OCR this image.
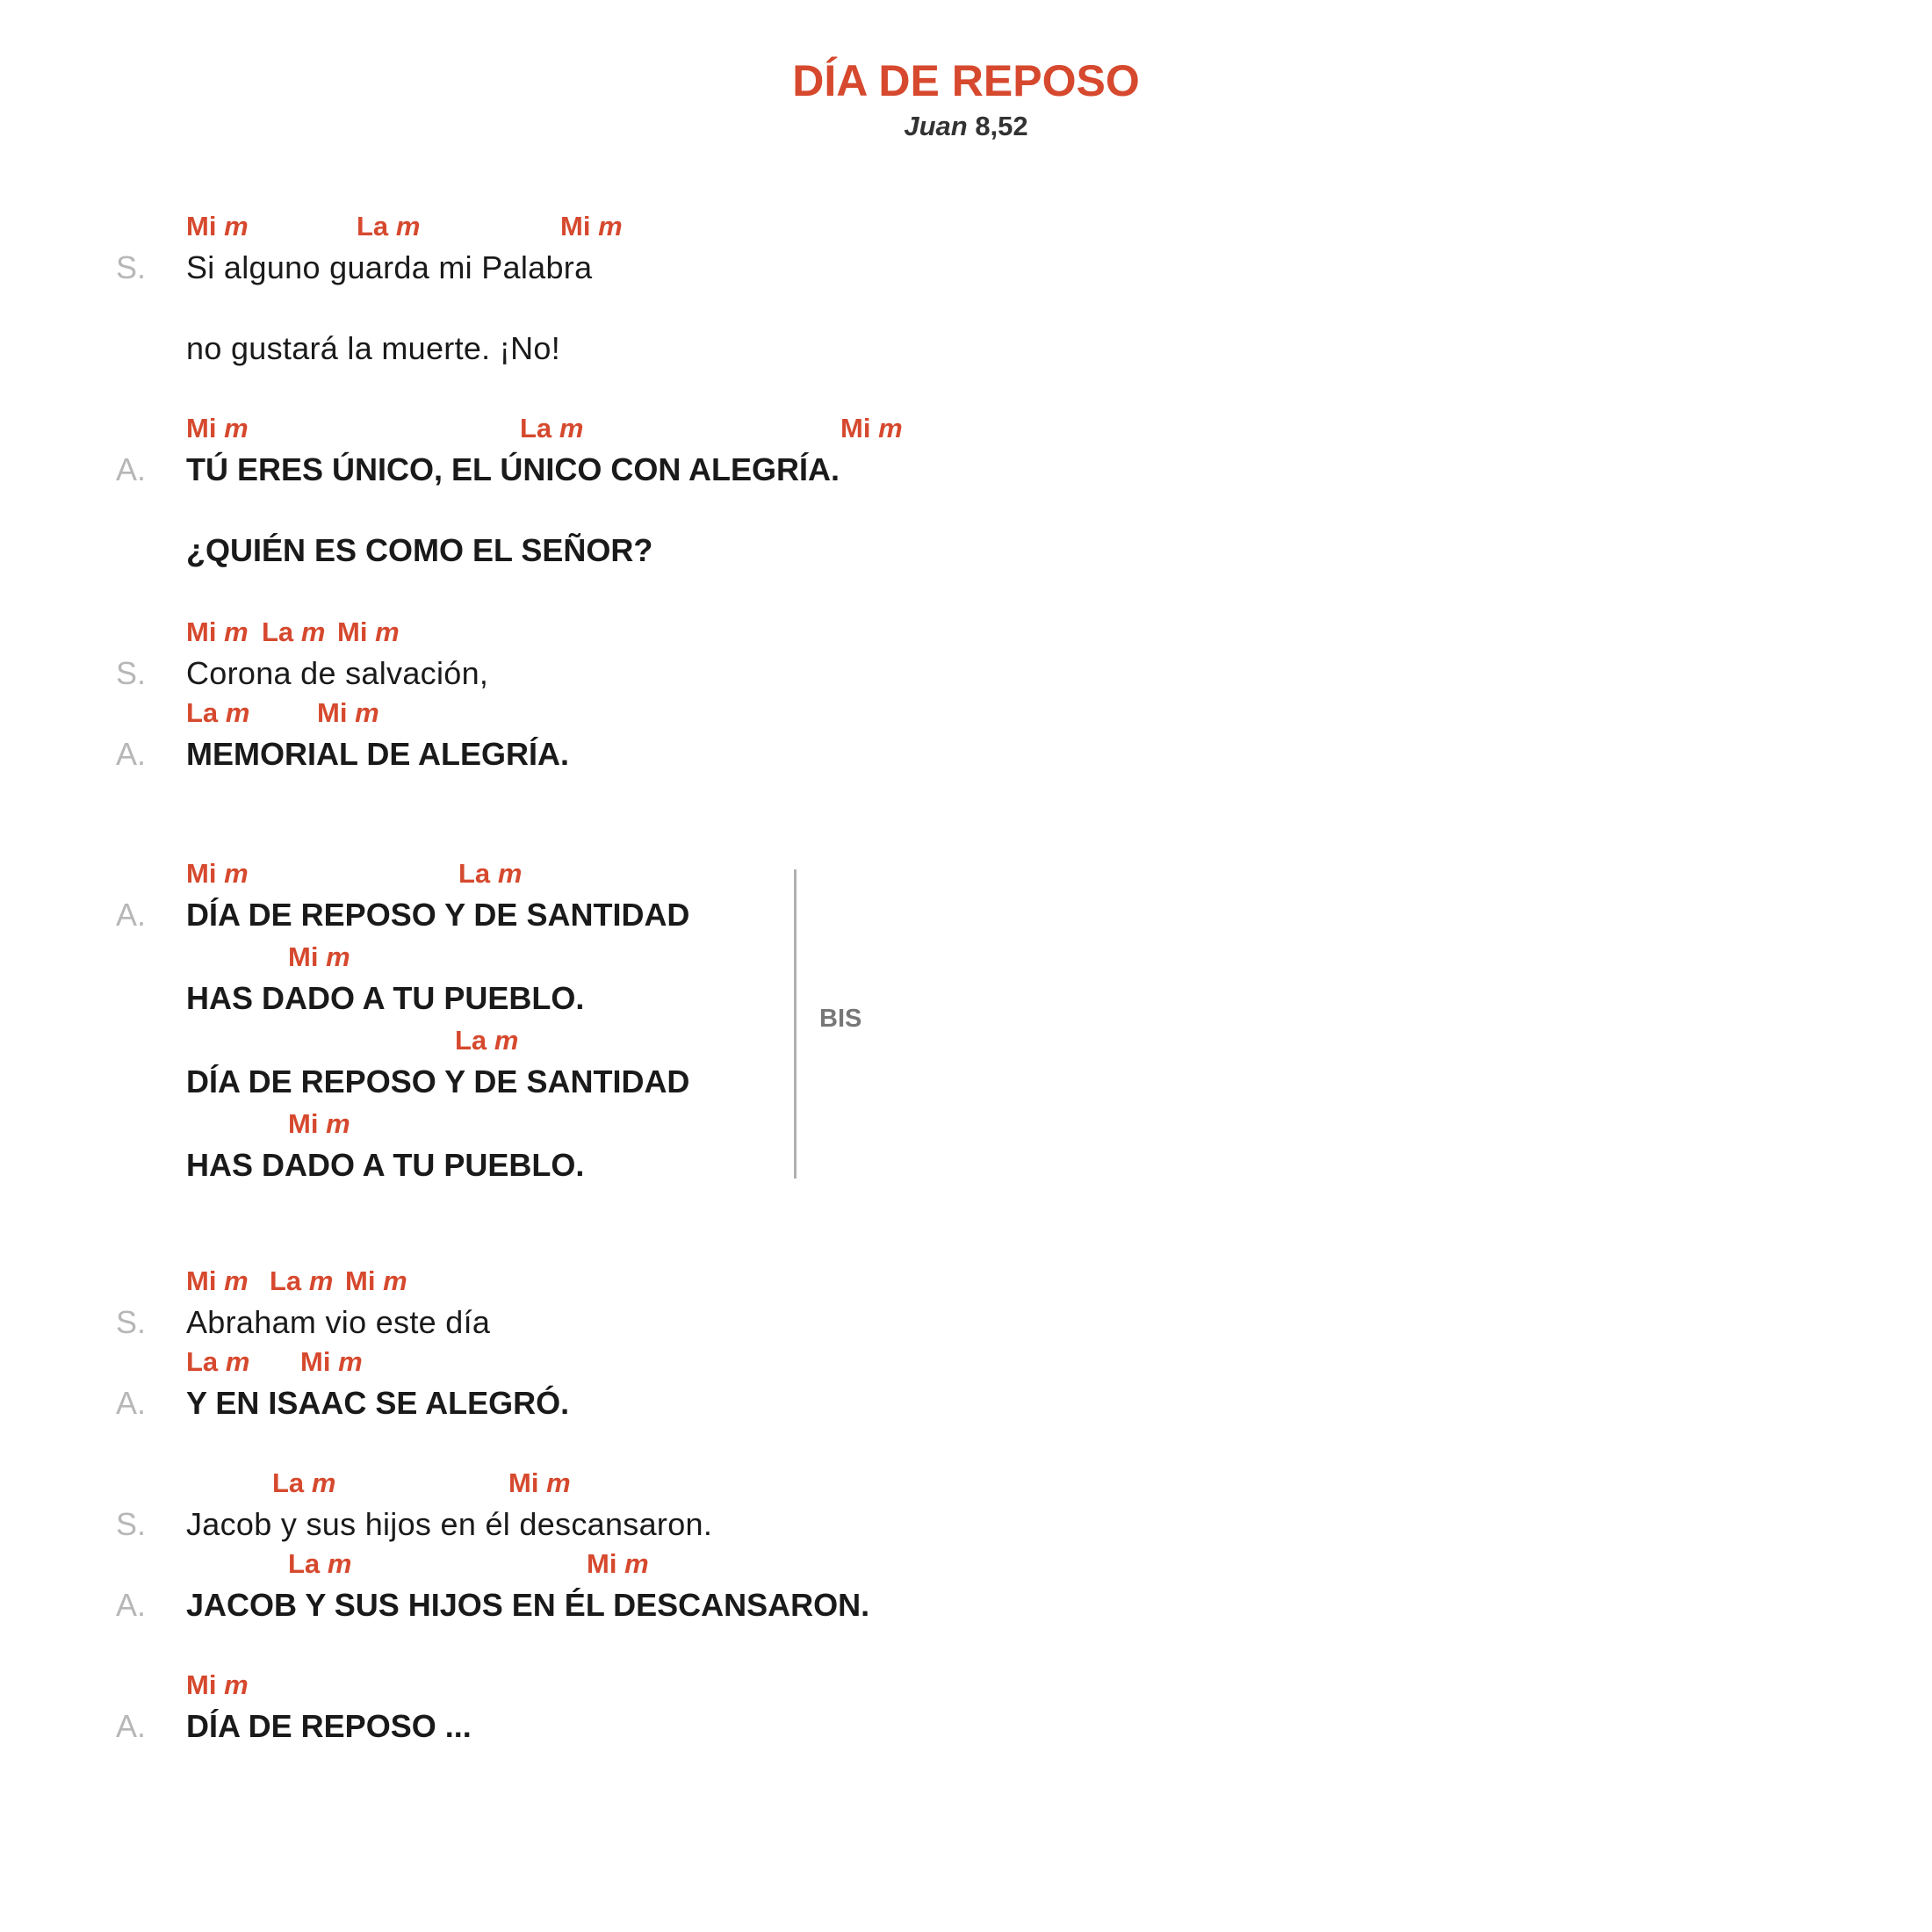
DÍA DE REPOSO
Juan 8,52
Mi m	La m	Mi m
S. Si alguno guarda mi Palabra
no gustará la muerte. ¡No!
Mi m	La m	Mi m
A. TÚ ERES ÚNICO, EL ÚNICO CON ALEGRÍA.
¿QUIÉN ES COMO EL SEÑOR?
Mi m La m Mi m
S. Corona de salvación,
La m Mi m
A. MEMORIAL DE ALEGRÍA.
Mi m	La m
A. DÍA DE REPOSO Y DE SANTIDAD
Mi m
HAS DADO A TU PUEBLO.
La m
DÍA DE REPOSO Y DE SANTIDAD
Mi m
HAS DADO A TU PUEBLO.
BIS
Mi m La m Mi m
S. Abraham vio este día
La m Mi m
A. Y EN ISAAC SE ALEGRÓ.
La m	Mi m
S. Jacob y sus hijos en él descansaron.
La m	Mi m
A. JACOB Y SUS HIJOS EN ÉL DESCANSARON.
Mi m
A. DÍA DE REPOSO ...
